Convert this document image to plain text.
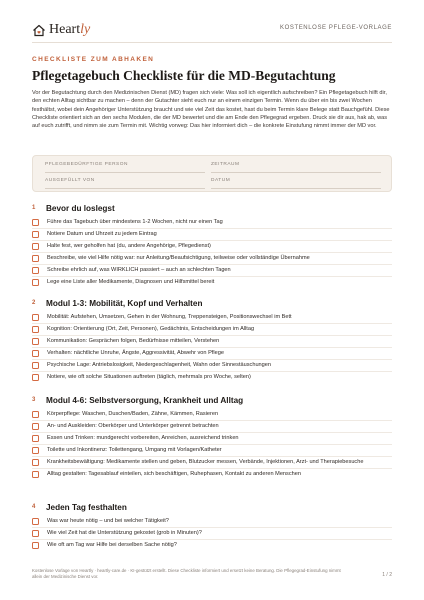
Heartly	KOSTENLOSE PFLEGE-VORLAGE
CHECKLISTE ZUM ABHAKEN
Pflegetagebuch Checkliste für die MD-Begutachtung

Vor der Begutachtung durch den Medizinischen Dienst (MD) fragen sich viele: Was soll ich eigentlich aufschreiben? Ein Pflegetagebuch hilft dir, den echten Alltag sichtbar zu machen – denn der Gutachter sieht euch nur an einem einzigen Termin. Wenn du über ein bis zwei Wochen festhältst, wobei dein Angehöriger Unterstützung braucht und wie viel Zeit das kostet, hast du beim Termin klare Belege statt Bauchgefühl. Diese Checkliste orientiert sich an den sechs Modulen, die der MD bewertet und die am Ende den Pflegegrad ergeben. Druck sie dir aus, hak ab, was auf euch zutrifft, und nimm sie zum Termin mit. Wichtig vorweg: Das hier informiert dich – die konkrete Einstufung nimmt immer der MD vor.

PFLEGEBEDÜRFTIGE PERSON	ZEITRAUM
AUSGEFÜLLT VON	DATUM
1	Bevor du loslegst
Führe das Tagebuch über mindestens 1-2 Wochen, nicht nur einen Tag
Notiere Datum und Uhrzeit zu jedem Eintrag
Halte fest, wer geholfen hat (du, andere Angehörige, Pflegedienst)
Beschreibe, wie viel Hilfe nötig war: nur Anleitung/Beaufsichtigung, teilweise oder vollständige Übernahme
Schreibe ehrlich auf, was WIRKLICH passiert – auch an schlechten Tagen
Lege eine Liste aller Medikamente, Diagnosen und Hilfsmittel bereit
2	Modul 1-3: Mobilität, Kopf und Verhalten
Mobilität: Aufstehen, Umsetzen, Gehen in der Wohnung, Treppensteigen, Positionswechsel im Bett
Kognition: Orientierung (Ort, Zeit, Personen), Gedächtnis, Entscheidungen im Alltag
Kommunikation: Gesprächen folgen, Bedürfnisse mitteilen, Verstehen
Verhalten: nächtliche Unruhe, Ängste, Aggressivität, Abwehr von Pflege
Psychische Lage: Antriebslosigkeit, Niedergeschlagenheit, Wahn oder Sinnestäuschungen
Notiere, wie oft solche Situationen auftreten (täglich, mehrmals pro Woche, selten)
3	Modul 4-6: Selbstversorgung, Krankheit und Alltag
Körperpflege: Waschen, Duschen/Baden, Zähne, Kämmen, Rasieren
An- und Auskleiden: Oberkörper und Unterkörper getrennt betrachten
Essen und Trinken: mundgerecht vorbereiten, Anreichen, ausreichend trinken
Toilette und Inkontinenz: Toilettengang, Umgang mit Vorlagen/Katheter
Krankheitsbewältigung: Medikamente stellen und geben, Blutzucker messen, Verbände, Injektionen, Arzt- und Therapiebesuche
Alltag gestalten: Tagesablauf einteilen, sich beschäftigen, Ruhephasen, Kontakt zu anderen Menschen
4	Jeden Tag festhalten
Was war heute nötig – und bei welcher Tätigkeit?
Wie viel Zeit hat die Unterstützung gekostet (grob in Minuten)?
Wie oft am Tag war Hilfe bei derselben Sache nötig?
Kostenlose Vorlage von Heartly · heartly-care.de · KI-gestützt erstellt. Diese Checkliste informiert und ersetzt keine Beratung. Die Pflegegrad-Einstufung nimmt allein der Medizinische Dienst vor.	1 / 2
